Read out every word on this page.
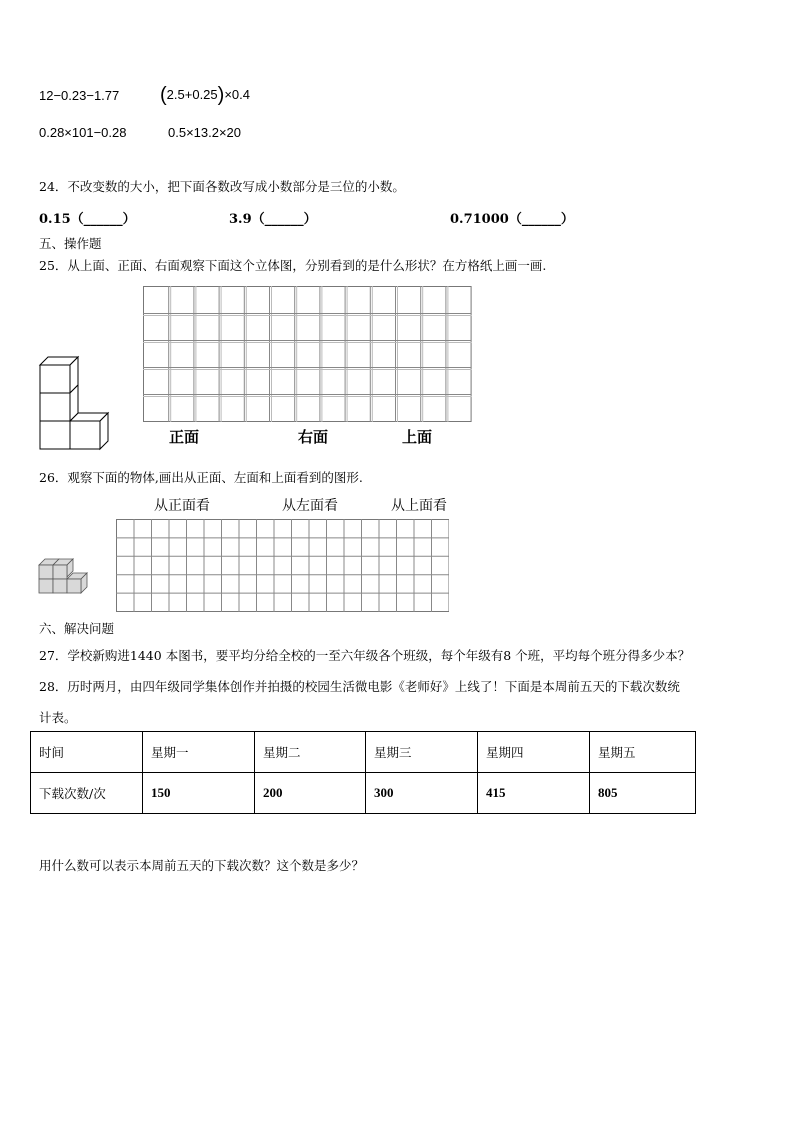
12−0.23−1.77 (2.5+0.25)×0.4
0.28×101−0.28	0.5×13.2×20
24．不改变数的大小，把下面各数改写成小数部分是三位的小数。
0.15（______）	3.9（______）	0.71000（______）
五、操作题
25．从上面、正面、右面观察下面这个立体图，分别看到的是什么形状？在方格纸上画一画.
正面	右面	上面
26．观察下面的物体,画出从正面、左面和上面看到的图形.
从正面看	从左面看	从上面看
六、解决问题
27．学校新购进1440 本图书，要平均分给全校的一至六年级各个班级，每个年级有8 个班，平均每个班分得多少本？
28．历时两月，由四年级同学集体创作并拍摄的校园生活微电影《老师好》上线了！下面是本周前五天的下载次数统
计表。
时间	星期一	星期二	星期三	星期四	星期五
下载次数/次	150	200	300	415	805
用什么数可以表示本周前五天的下载次数？这个数是多少？
